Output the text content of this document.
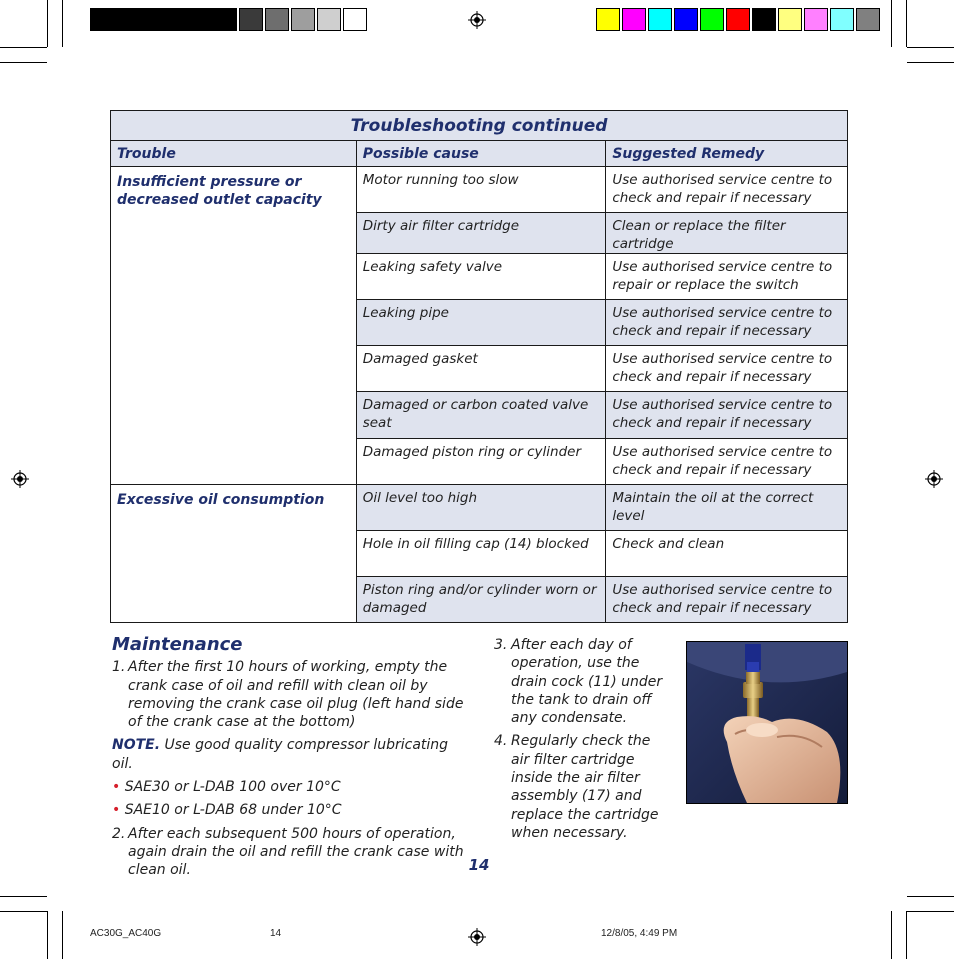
Troubleshooting continued		
Trouble	Possible cause	Suggested Remedy
Insufficient pressure or decreased outlet capacity	Motor running too slow	Use authorised service centre to check and repair if necessary
	Dirty air filter cartridge	Clean or replace the filter cartridge
	Leaking safety valve	Use authorised service centre to repair or replace the switch
	Leaking pipe	Use authorised service centre to check and repair if necessary
	Damaged gasket	Use authorised service centre to check and repair if necessary
	Damaged or carbon coated valve seat	Use authorised service centre to check and repair if necessary
	Damaged piston ring or cylinder	Use authorised service centre to check and repair if necessary
Excessive oil consumption	Oil level too high	Maintain the oil at the correct level
	Hole in oil filling cap (14) blocked	Check and clean
	Piston ring and/or cylinder worn or damaged	Use authorised service centre to check and repair if necessary
Maintenance
1. After the first 10 hours of working, empty the crank case of oil and refill with clean oil by removing the crank case oil plug (left hand side of the crank case at the bottom)
NOTE. Use good quality compressor lubricating oil.
• SAE30 or L-DAB 100 over 10°C
• SAE10 or L-DAB 68 under 10°C
2. After each subsequent 500 hours of operation, again drain the oil and refill the crank case with clean oil.
3. After each day of operation, use the drain cock (11) under the tank to drain off any condensate.
4. Regularly check the air filter cartridge inside the air filter assembly (17) and replace the cartridge when necessary.
14
AC30G_AC40G	14	12/8/05, 4:49 PM
